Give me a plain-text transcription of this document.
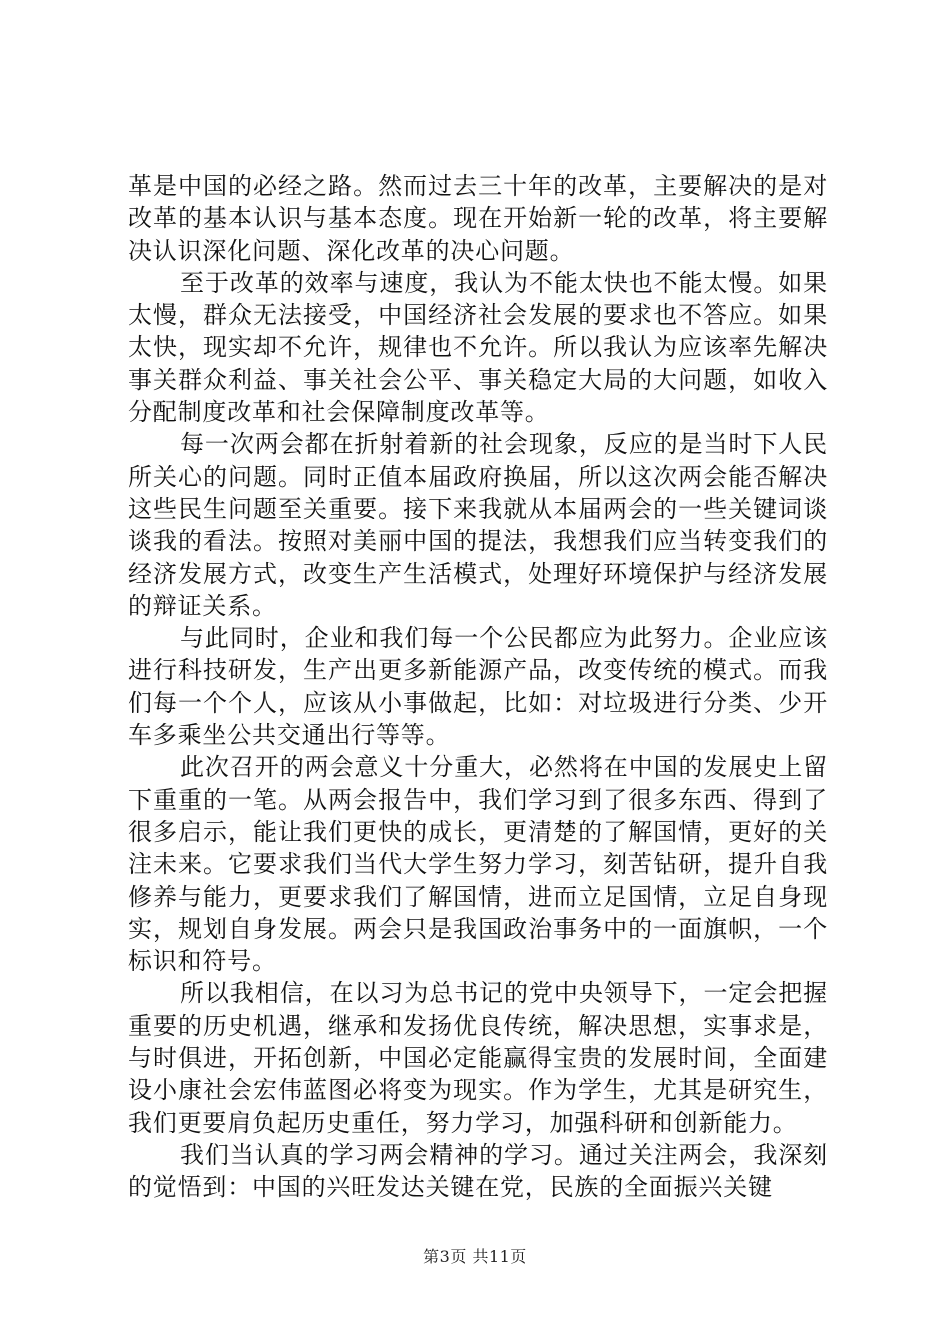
革是中国的必经之路。然而过去三十年的改革，主要解决的是对改革的基本认识与基本态度。现在开始新一轮的改革，将主要解决认识深化问题、深化改革的决心问题。

至于改革的效率与速度，我认为不能太快也不能太慢。如果太慢，群众无法接受，中国经济社会发展的要求也不答应。如果太快，现实却不允许，规律也不允许。所以我认为应该率先解决事关群众利益、事关社会公平、事关稳定大局的大问题，如收入分配制度改革和社会保障制度改革等。

每一次两会都在折射着新的社会现象，反应的是当时下人民所关心的问题。同时正值本届政府换届，所以这次两会能否解决这些民生问题至关重要。接下来我就从本届两会的一些关键词谈谈我的看法。按照对美丽中国的提法，我想我们应当转变我们的经济发展方式，改变生产生活模式，处理好环境保护与经济发展的辩证关系。

与此同时，企业和我们每一个公民都应为此努力。企业应该进行科技研发，生产出更多新能源产品，改变传统的模式。而我们每一个个人，应该从小事做起，比如：对垃圾进行分类、少开车多乘坐公共交通出行等等。

此次召开的两会意义十分重大，必然将在中国的发展史上留下重重的一笔。从两会报告中，我们学习到了很多东西、得到了很多启示，能让我们更快的成长，更清楚的了解国情，更好的关注未来。它要求我们当代大学生努力学习，刻苦钻研，提升自我修养与能力，更要求我们了解国情，进而立足国情，立足自身现实，规划自身发展。两会只是我国政治事务中的一面旗帜，一个标识和符号。

所以我相信，在以习为总书记的党中央领导下，一定会把握重要的历史机遇，继承和发扬优良传统，解决思想，实事求是，与时俱进，开拓创新，中国必定能赢得宝贵的发展时间，全面建设小康社会宏伟蓝图必将变为现实。作为学生，尤其是研究生，我们更要肩负起历史重任，努力学习，加强科研和创新能力。

我们当认真的学习两会精神的学习。通过关注两会，我深刻的觉悟到：中国的兴旺发达关键在党，民族的全面振兴关键

第3页 共11页
